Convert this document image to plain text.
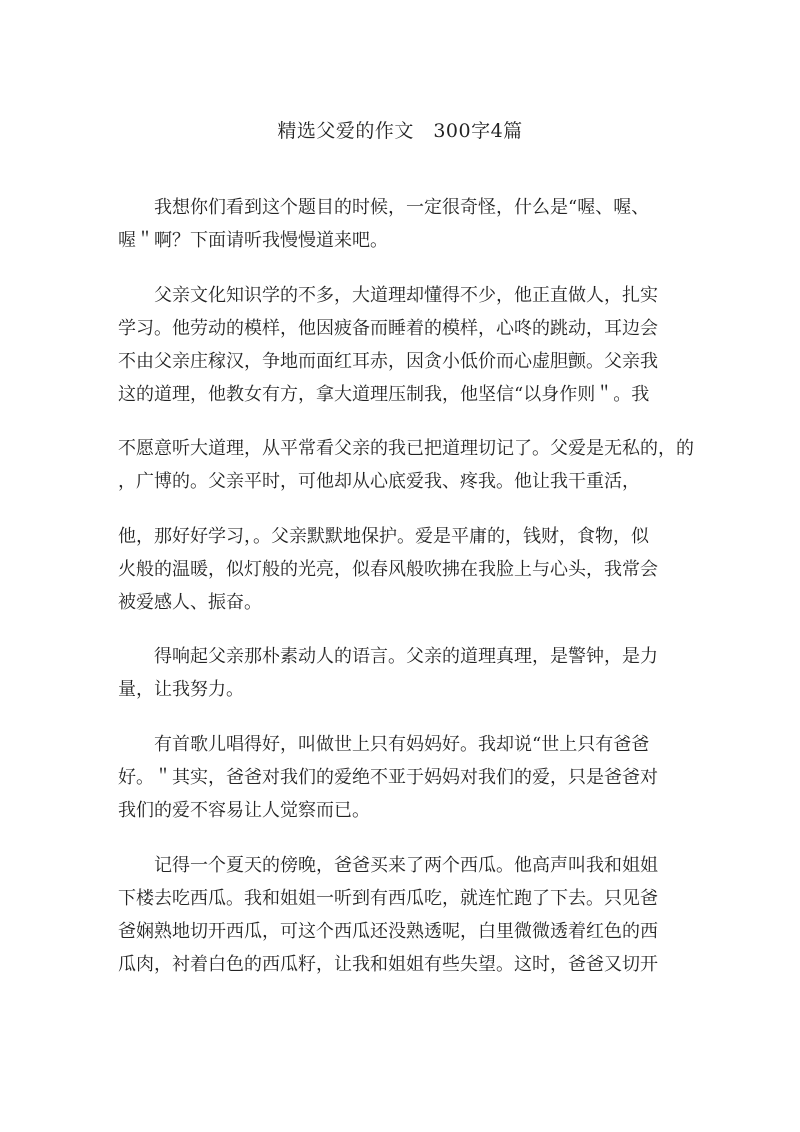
精选父爱的作文　300字4篇
　　我想你们看到这个题目的时候，一定很奇怪，什么是“喔、喔、
喔＂啊？下面请听我慢慢道来吧。
　　父亲文化知识学的不多，大道理却懂得不少，他正直做人，扎实
学习。他劳动的模样，他因疲备而睡着的模样，心咚的跳动，耳边会
不由父亲庄稼汉，争地而面红耳赤，因贪小低价而心虚胆颤。父亲我
这的道理，他教女有方，拿大道理压制我，他坚信“以身作则＂。我
不愿意听大道理，从平常看父亲的我已把道理切记了。父爱是无私的，的
，广博的。父亲平时，可他却从心底爱我、疼我。他让我干重活，
他，那好好学习，。父亲默默地保护。爱是平庸的，钱财，食物，似
火般的温暖，似灯般的光亮，似春风般吹拂在我脸上与心头，我常会
被爱感人、振奋。
　　得响起父亲那朴素动人的语言。父亲的道理真理，是警钟，是力
量，让我努力。
　　有首歌儿唱得好，叫做世上只有妈妈好。我却说“世上只有爸爸
好。＂其实，爸爸对我们的爱绝不亚于妈妈对我们的爱，只是爸爸对
我们的爱不容易让人觉察而已。
　　记得一个夏天的傍晚，爸爸买来了两个西瓜。他高声叫我和姐姐
下楼去吃西瓜。我和姐姐一听到有西瓜吃，就连忙跑了下去。只见爸
爸娴熟地切开西瓜，可这个西瓜还没熟透呢，白里微微透着红色的西
瓜肉，衬着白色的西瓜籽，让我和姐姐有些失望。这时，爸爸又切开
